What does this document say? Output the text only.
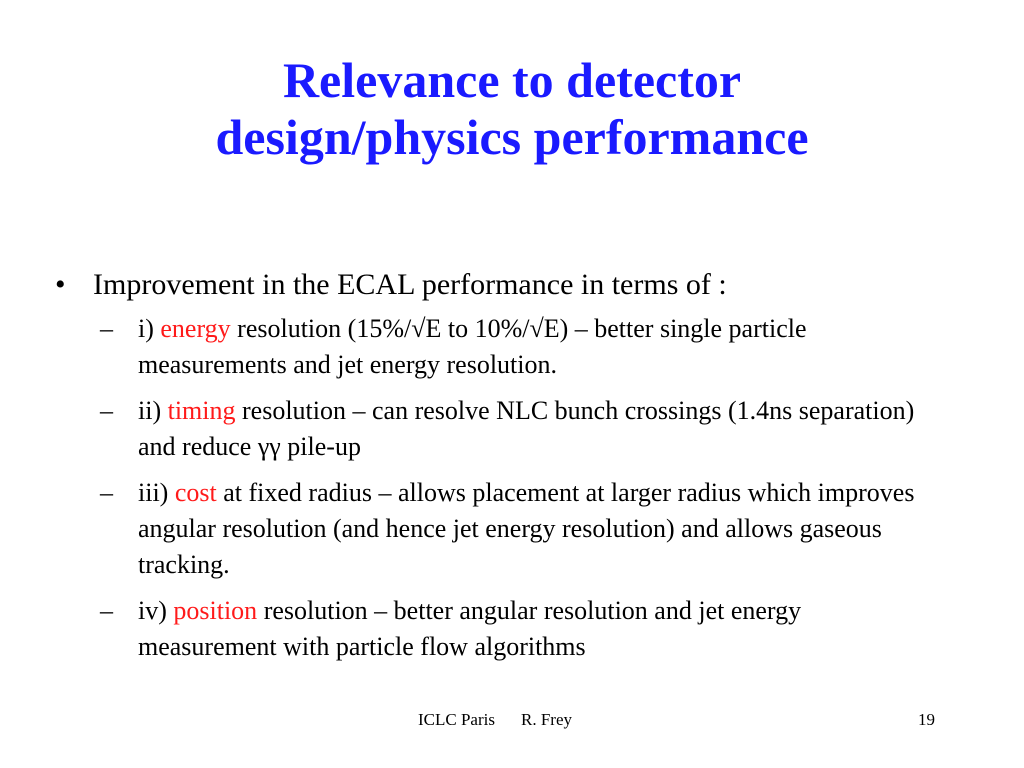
Relevance to detector
design/physics performance
• Improvement in the ECAL performance in terms of :
– i) energy resolution (15%/√E to 10%/√E) – better single particle measurements and jet energy resolution.
– ii) timing resolution – can resolve NLC bunch crossings (1.4ns separation) and reduce γγ pile-up
– iii) cost at fixed radius – allows placement at larger radius which improves angular resolution (and hence jet energy resolution) and allows gaseous tracking.
– iv) position resolution – better angular resolution and jet energy measurement with particle flow algorithms
ICLC Paris R. Frey	19
